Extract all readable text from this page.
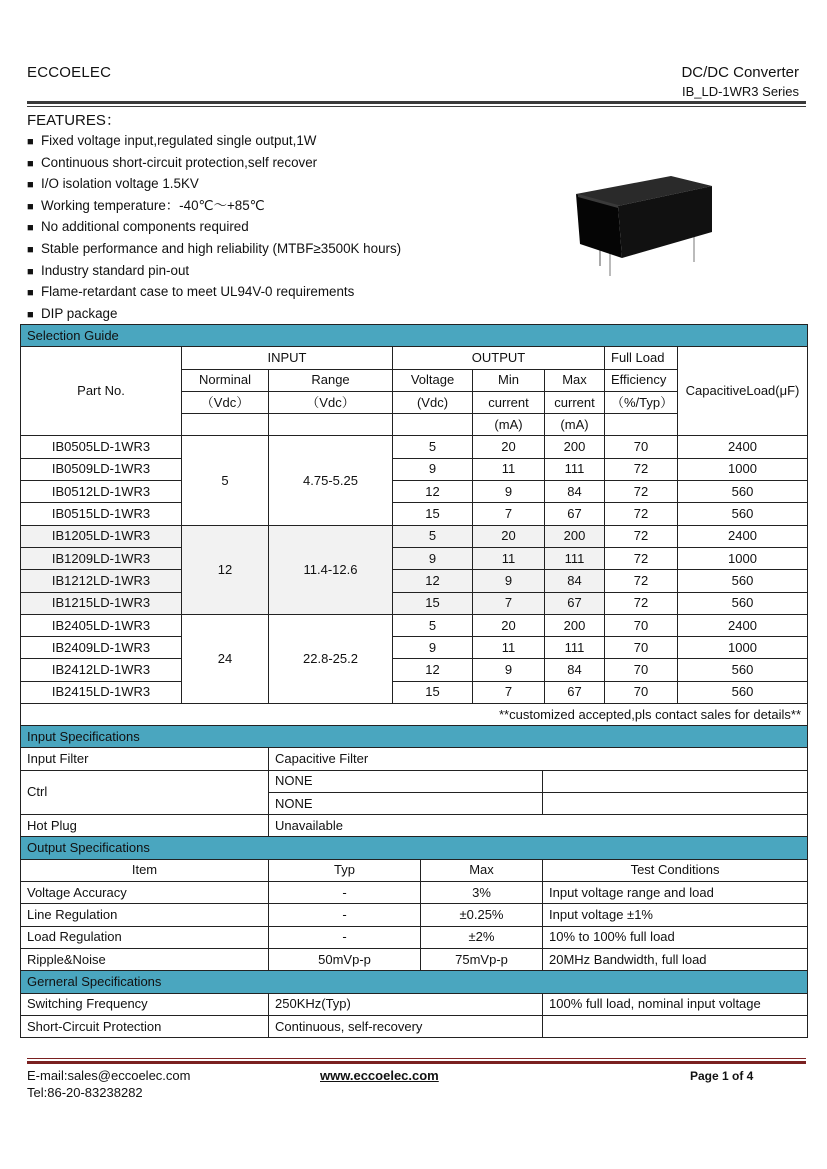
ECCOELEC	DC/DC Converter
IB_LD-1WR3 Series
FEATURES：
■ Fixed voltage input,regulated single output,1W
■ Continuous short-circuit protection,self recover
■ I/O isolation voltage 1.5KV
■ Working temperature：-40℃～+85℃
■ No additional components required
■ Stable performance and high reliability (MTBF≥3500K hours)
■ Industry standard pin-out
■ Flame-retardant case to meet UL94V-0 requirements
■ DIP package
Selection Guide							
Part No.	INPUT		OUTPUT			Full Load	CapacitiveLoad(μF)
	Norminal	Range	Voltage	Min	Max	Efficiency	
	（Vdc）	（Vdc）	(Vdc)	current	current	（%/Typ）	
				(mA)	(mA)		
IB0505LD-1WR3	5	4.75-5.25	5	20	200	70	2400
IB0509LD-1WR3			9	11	111	72	1000
IB0512LD-1WR3			12	9	84	72	560
IB0515LD-1WR3			15	7	67	72	560
IB1205LD-1WR3	12	11.4-12.6	5	20	200	72	2400
IB1209LD-1WR3			9	11	111	72	1000
IB1212LD-1WR3			12	9	84	72	560
IB1215LD-1WR3			15	7	67	72	560
IB2405LD-1WR3	24	22.8-25.2	5	20	200	70	2400
IB2409LD-1WR3			9	11	111	70	1000
IB2412LD-1WR3			12	9	84	70	560
IB2415LD-1WR3			15	7	67	70	560
**customized accepted,pls contact sales for details**							
Input Specifications			
Input Filter	Capacitive Filter		
Ctrl	NONE		
	NONE		
Hot Plug	Unavailable		
Output Specifications			
Item	Typ	Max	Test Conditions
Voltage Accuracy	-	3%	Input voltage range and load
Line Regulation	-	±0.25%	Input voltage ±1%
Load Regulation	-	±2%	10% to 100% full load
Ripple&Noise	50mVp-p	75mVp-p	20MHz Bandwidth, full load
Gerneral Specifications			
Switching Frequency	250KHz(Typ)		100% full load, nominal input voltage
Short-Circuit Protection	Continuous, self-recovery		
E-mail:sales@eccoelec.com
Tel:86-20-83238282
www.eccoelec.com	Page 1 of 4
